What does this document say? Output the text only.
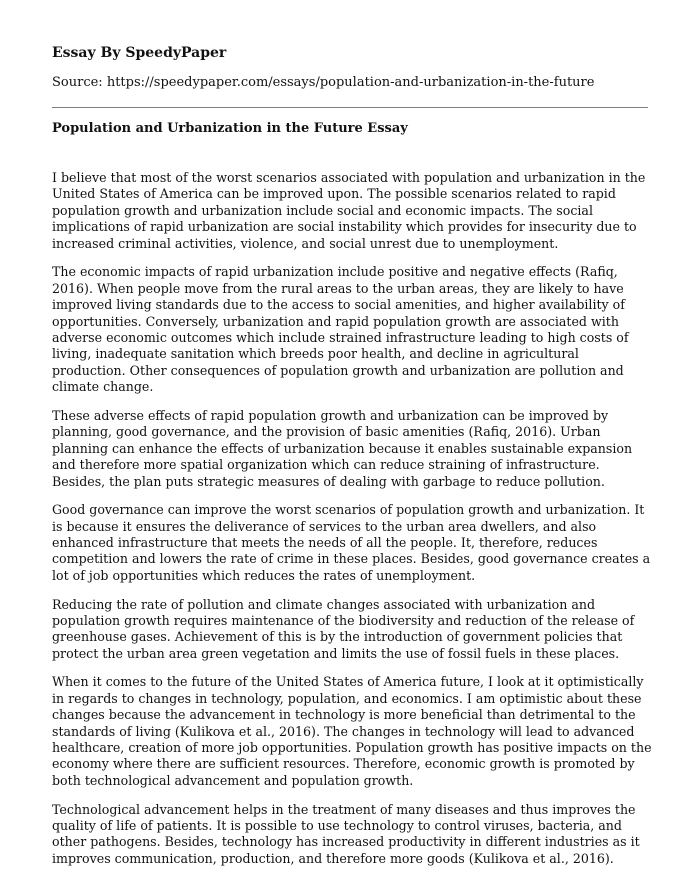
Essay By SpeedyPaper
Source: https://speedypaper.com/essays/population-and-urbanization-in-the-future
Population and Urbanization in the Future Essay

I believe that most of the worst scenarios associated with population and urbanization in the United States of America can be improved upon. The possible scenarios related to rapid population growth and urbanization include social and economic impacts. The social implications of rapid urbanization are social instability which provides for insecurity due to increased criminal activities, violence, and social unrest due to unemployment.

The economic impacts of rapid urbanization include positive and negative effects (Rafiq, 2016). When people move from the rural areas to the urban areas, they are likely to have improved living standards due to the access to social amenities, and higher availability of opportunities. Conversely, urbanization and rapid population growth are associated with adverse economic outcomes which include strained infrastructure leading to high costs of living, inadequate sanitation which breeds poor health, and decline in agricultural production. Other consequences of population growth and urbanization are pollution and climate change.

These adverse effects of rapid population growth and urbanization can be improved by planning, good governance, and the provision of basic amenities (Rafiq, 2016). Urban planning can enhance the effects of urbanization because it enables sustainable expansion and therefore more spatial organization which can reduce straining of infrastructure. Besides, the plan puts strategic measures of dealing with garbage to reduce pollution.

Good governance can improve the worst scenarios of population growth and urbanization. It is because it ensures the deliverance of services to the urban area dwellers, and also enhanced infrastructure that meets the needs of all the people. It, therefore, reduces competition and lowers the rate of crime in these places. Besides, good governance creates a lot of job opportunities which reduces the rates of unemployment.

Reducing the rate of pollution and climate changes associated with urbanization and population growth requires maintenance of the biodiversity and reduction of the release of greenhouse gases. Achievement of this is by the introduction of government policies that protect the urban area green vegetation and limits the use of fossil fuels in these places.

When it comes to the future of the United States of America future, I look at it optimistically in regards to changes in technology, population, and economics. I am optimistic about these changes because the advancement in technology is more beneficial than detrimental to the standards of living (Kulikova et al., 2016). The changes in technology will lead to advanced healthcare, creation of more job opportunities. Population growth has positive impacts on the economy where there are sufficient resources. Therefore, economic growth is promoted by both technological advancement and population growth.

Technological advancement helps in the treatment of many diseases and thus improves the quality of life of patients. It is possible to use technology to control viruses, bacteria, and other pathogens. Besides, technology has increased productivity in different industries as it improves communication, production, and therefore more goods (Kulikova et al., 2016).
